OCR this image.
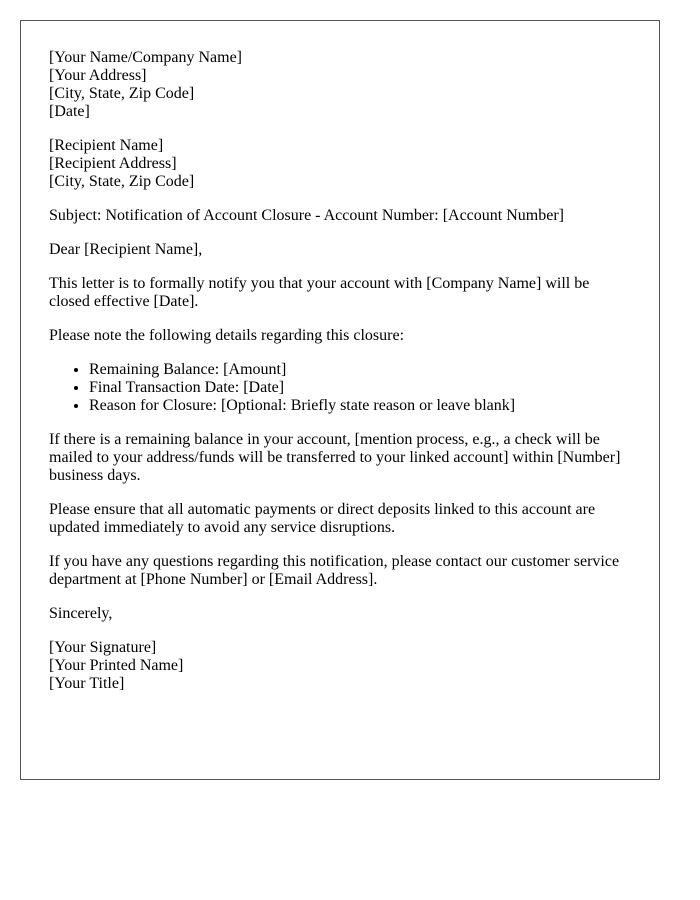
[Your Name/Company Name]
[Your Address]
[City, State, Zip Code]
[Date]
[Recipient Name]
[Recipient Address]
[City, State, Zip Code]

Subject: Notification of Account Closure - Account Number: [Account Number]

Dear [Recipient Name],

This letter is to formally notify you that your account with [Company Name] will be closed effective [Date].

Please note the following details regarding this closure:

• Remaining Balance: [Amount]
• Final Transaction Date: [Date]
• Reason for Closure: [Optional: Briefly state reason or leave blank]

If there is a remaining balance in your account, [mention process, e.g., a check will be mailed to your address/funds will be transferred to your linked account] within [Number] business days.

Please ensure that all automatic payments or direct deposits linked to this account are updated immediately to avoid any service disruptions.

If you have any questions regarding this notification, please contact our customer service department at [Phone Number] or [Email Address].

Sincerely,

[Your Signature]
[Your Printed Name]
[Your Title]
